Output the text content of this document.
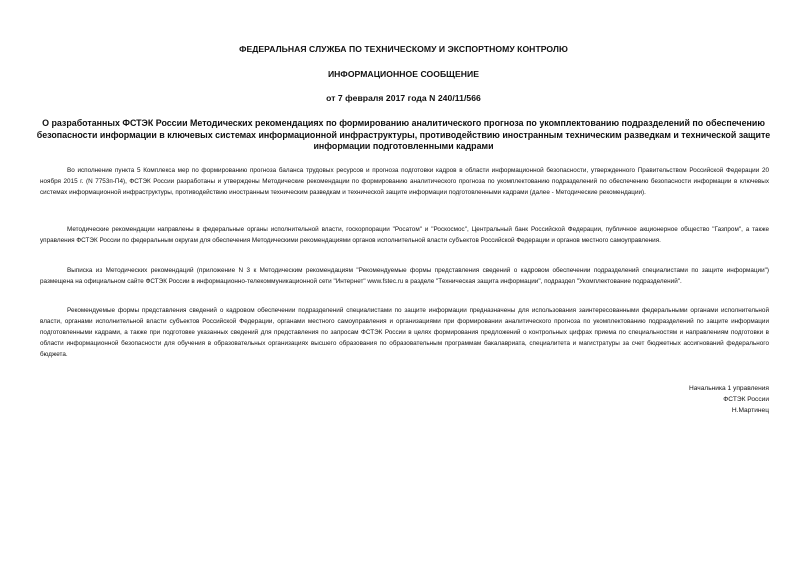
ФЕДЕРАЛЬНАЯ СЛУЖБА ПО ТЕХНИЧЕСКОМУ И ЭКСПОРТНОМУ КОНТРОЛЮ
ИНФОРМАЦИОННОЕ СООБЩЕНИЕ
от 7 февраля 2017 года N 240/11/566
О разработанных ФСТЭК России Методических рекомендациях по формированию аналитического прогноза по укомплектованию подразделений по обеспечению безопасности информации в ключевых системах информационной инфраструктуры, противодействию иностранным техническим разведкам и технической защите информации подготовленными кадрами

Во исполнение пункта 5 Комплекса мер по формированию прогноза баланса трудовых ресурсов и прогноза подготовки кадров в области информационной безопасности, утвержденного Правительством Российской Федерации 20 ноября 2015 г. (N 7753п-П4), ФСТЭК России разработаны и утверждены Методические рекомендации по формированию аналитического прогноза по укомплектованию подразделений по обеспечению безопасности информации в ключевых системах информационной инфраструктуры, противодействию иностранным техническим разведкам и технической защите информации подготовленными кадрами (далее - Методические рекомендации).

Методические рекомендации направлены в федеральные органы исполнительной власти, госкорпорации "Росатом" и "Роскосмос", Центральный банк Российской Федерации, публичное акционерное общество "Газпром", а также управления ФСТЭК России по федеральным округам для обеспечения Методическими рекомендациями органов исполнительной власти субъектов Российской Федерации и органов местного самоуправления.

Выписка из Методических рекомендаций (приложение N 3 к Методическим рекомендациям "Рекомендуемые формы представления сведений о кадровом обеспечении подразделений специалистами по защите информации") размещена на официальном сайте ФСТЭК России в информационно-телекоммуникационной сети "Интернет" www.fstec.ru в разделе "Техническая защита информации", подраздел "Укомплектование подразделений".

Рекомендуемые формы представления сведений о кадровом обеспечении подразделений специалистами по защите информации предназначены для использования заинтересованными федеральными органами исполнительной власти, органами исполнительной власти субъектов Российской Федерации, органами местного самоуправления и организациями при формировании аналитического прогноза по укомплектованию подразделений по защите информации подготовленными кадрами, а также при подготовке указанных сведений для представления по запросам ФСТЭК России в целях формирования предложений о контрольных цифрах приема по специальностям и направлениям подготовки в области информационной безопасности для обучения в образовательных организациях высшего образования по образовательным программам бакалавриата, специалитета и магистратуры за счет бюджетных ассигнований федерального бюджета.

Начальника 1 управления
ФСТЭК России
Н.Мартинец
